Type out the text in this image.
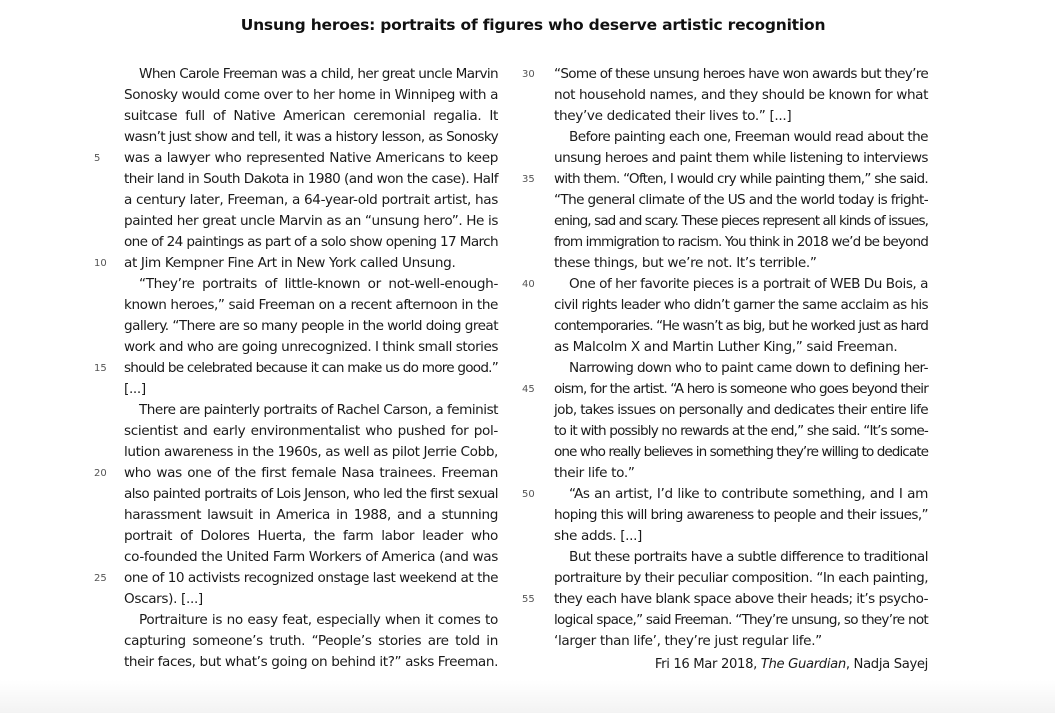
Unsung heroes: portraits of figures who deserve artistic recognition
When Carole Freeman was a child, her great uncle Marvin
Sonosky would come over to her home in Winnipeg with a
suitcase full of Native American ceremonial regalia. It
wasn’t just show and tell, it was a history lesson, as Sonosky
5	was a lawyer who represented Native Americans to keep
their land in South Dakota in 1980 (and won the case). Half
a century later, Freeman, a 64-year-old portrait artist, has
painted her great uncle Marvin as an “unsung hero”. He is
one of 24 paintings as part of a solo show opening 17 March
10	at Jim Kempner Fine Art in New York called Unsung.
“They’re portraits of little-known or not-well-enough-
known heroes,” said Freeman on a recent afternoon in the
gallery. “There are so many people in the world doing great
work and who are going unrecognized. I think small stories
15	should be celebrated because it can make us do more good.”
[...]
There are painterly portraits of Rachel Carson, a feminist
scientist and early environmentalist who pushed for pol-
lution awareness in the 1960s, as well as pilot Jerrie Cobb,
20	who was one of the first female Nasa trainees. Freeman
also painted portraits of Lois Jenson, who led the first sexual
harassment lawsuit in America in 1988, and a stunning
portrait of Dolores Huerta, the farm labor leader who
co-founded the United Farm Workers of America (and was
25	one of 10 activists recognized onstage last weekend at the
Oscars). [...]
Portraiture is no easy feat, especially when it comes to
capturing someone’s truth. “People’s stories are told in
their faces, but what’s going on behind it?” asks Freeman.
30	“Some of these unsung heroes have won awards but they’re
not household names, and they should be known for what
they’ve dedicated their lives to.” [...]
Before painting each one, Freeman would read about the
unsung heroes and paint them while listening to interviews
35	with them. “Often, I would cry while painting them,” she said.
“The general climate of the US and the world today is fright-
ening, sad and scary. These pieces represent all kinds of issues,
from immigration to racism. You think in 2018 we’d be beyond
these things, but we’re not. It’s terrible.”
40	One of her favorite pieces is a portrait of WEB Du Bois, a
civil rights leader who didn’t garner the same acclaim as his
contemporaries. “He wasn’t as big, but he worked just as hard
as Malcolm X and Martin Luther King,” said Freeman.
Narrowing down who to paint came down to defining her-
45	oism, for the artist. “A hero is someone who goes beyond their
job, takes issues on personally and dedicates their entire life
to it with possibly no rewards at the end,” she said. “It’s some-
one who really believes in something they’re willing to dedicate
their life to.”
50	“As an artist, I’d like to contribute something, and I am
hoping this will bring awareness to people and their issues,”
she adds. [...]
But these portraits have a subtle difference to traditional
portraiture by their peculiar composition. “In each painting,
55	they each have blank space above their heads; it’s psycho-
logical space,” said Freeman. “They’re unsung, so they’re not
‘larger than life’, they’re just regular life.”
Fri 16 Mar 2018, The Guardian, Nadja Sayej
